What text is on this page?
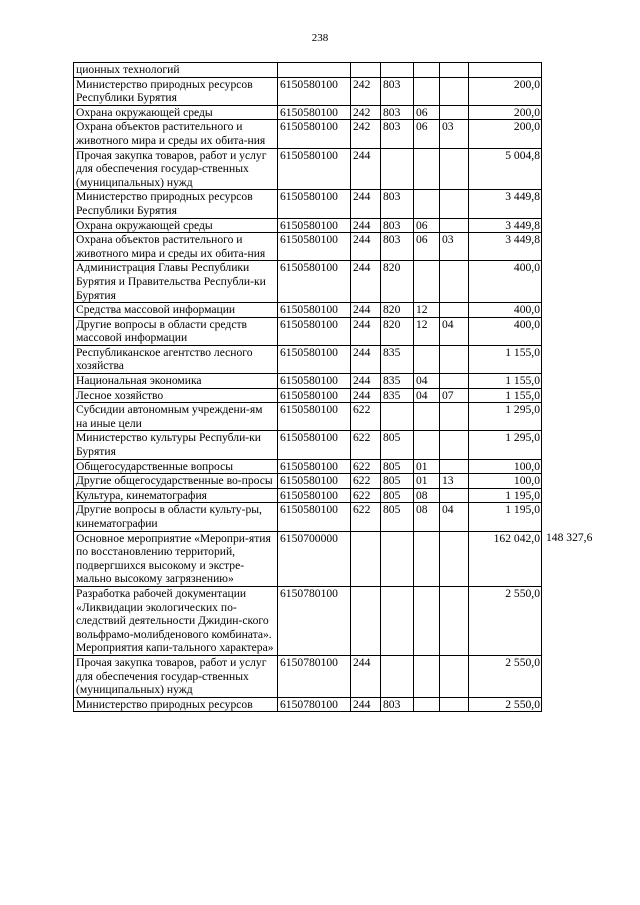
238
ционных технологий							
Министерство природных ресурсов Республики Бурятия	6150580100	242	803			200,0	
Охрана окружающей среды	6150580100	242	803	06		200,0	
Охрана объектов растительного и животного мира и среды их обита-ния	6150580100	242	803	06	03	200,0	
Прочая закупка товаров, работ и услуг для обеспечения государ-ственных (муниципальных) нужд	6150580100	244				5 004,8	
Министерство природных ресурсов Республики Бурятия	6150580100	244	803			3 449,8	
Охрана окружающей среды	6150580100	244	803	06		3 449,8	
Охрана объектов растительного и животного мира и среды их обита-ния	6150580100	244	803	06	03	3 449,8	
Администрация Главы Республики Бурятия и Правительства Республи-ки Бурятия	6150580100	244	820			400,0	
Средства массовой информации	6150580100	244	820	12		400,0	
Другие вопросы в области средств массовой информации	6150580100	244	820	12	04	400,0	
Республиканское агентство лесного хозяйства	6150580100	244	835			1 155,0	
Национальная экономика	6150580100	244	835	04		1 155,0	
Лесное хозяйство	6150580100	244	835	04	07	1 155,0	
Субсидии автономным учреждени-ям на иные цели	6150580100	622				1 295,0	
Министерство культуры Республи-ки Бурятия	6150580100	622	805			1 295,0	
Общегосударственные вопросы	6150580100	622	805	01		100,0	
Другие общегосударственные во-просы	6150580100	622	805	01	13	100,0	
Культура, кинематография	6150580100	622	805	08		1 195,0	
Другие вопросы в области культу-ры, кинематографии	6150580100	622	805	08	04	1 195,0	
Основное мероприятие «Меропри-ятия по восстановлению территорий, подвергшихся высокому и экстре-мально высокому загрязнению»	6150700000					162 042,0	148 327,6
Разработка рабочей документации «Ликвидации экологических по-следствий деятельности Джидин-ского вольфрамо-молибденового комбината». Мероприятия капи-тального характера»	6150780100					2 550,0	
Прочая закупка товаров, работ и услуг для обеспечения государ-ственных (муниципальных) нужд	6150780100	244				2 550,0	
Министерство природных ресурсов	6150780100	244	803			2 550,0	
